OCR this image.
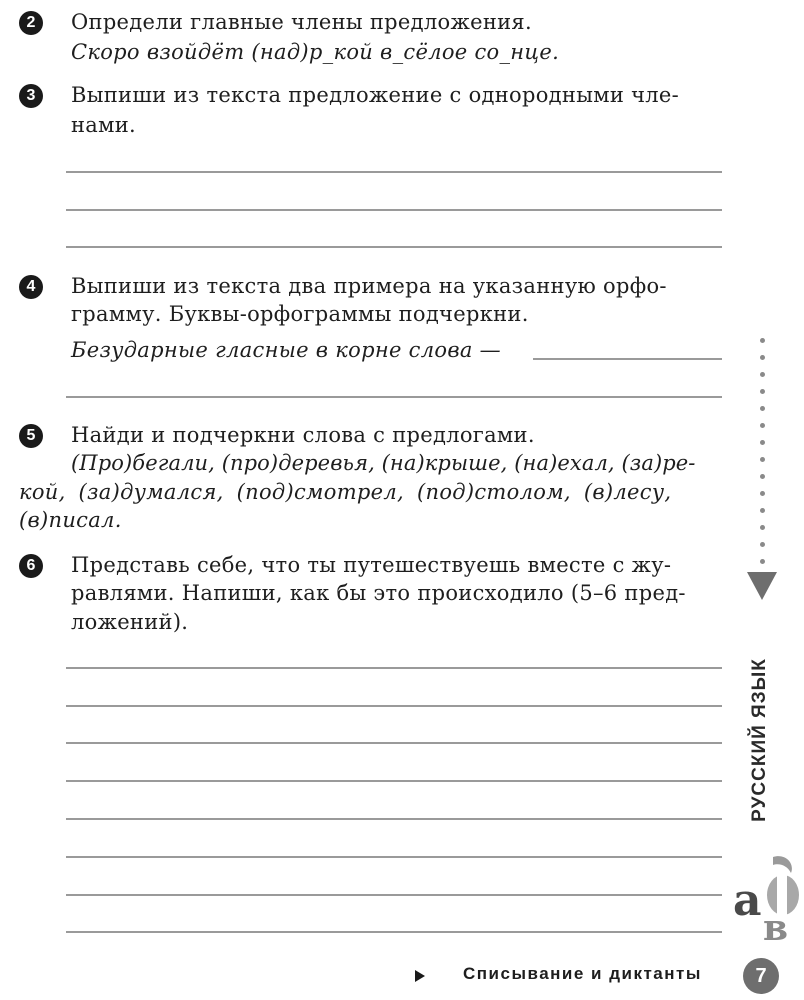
2	Определи главные члены предложения.
Скоро взойдёт (над)р_кой в_сёлое со_нце.
3	Выпиши из текста предложение с однородными чле-
нами.
4	Выпиши из текста два примера на указанную орфо-
грамму. Буквы-орфограммы подчеркни.
Безударные гласные в корне слова —
5	Найди и подчеркни слова с предлогами.
(Про)бегали, (про)деревья, (на)крыше, (на)ехал, (за)ре-
кой, (за)думался, (под)смотрел, (под)столом, (в)лесу,
(в)писал.
6	Представь себе, что ты путешествуешь вместе с жу-
равлями. Напиши, как бы это происходило (5–6 пред-
ложений).
РУССКИЙ ЯЗЫК
a
в
Списывание и диктанты	7
